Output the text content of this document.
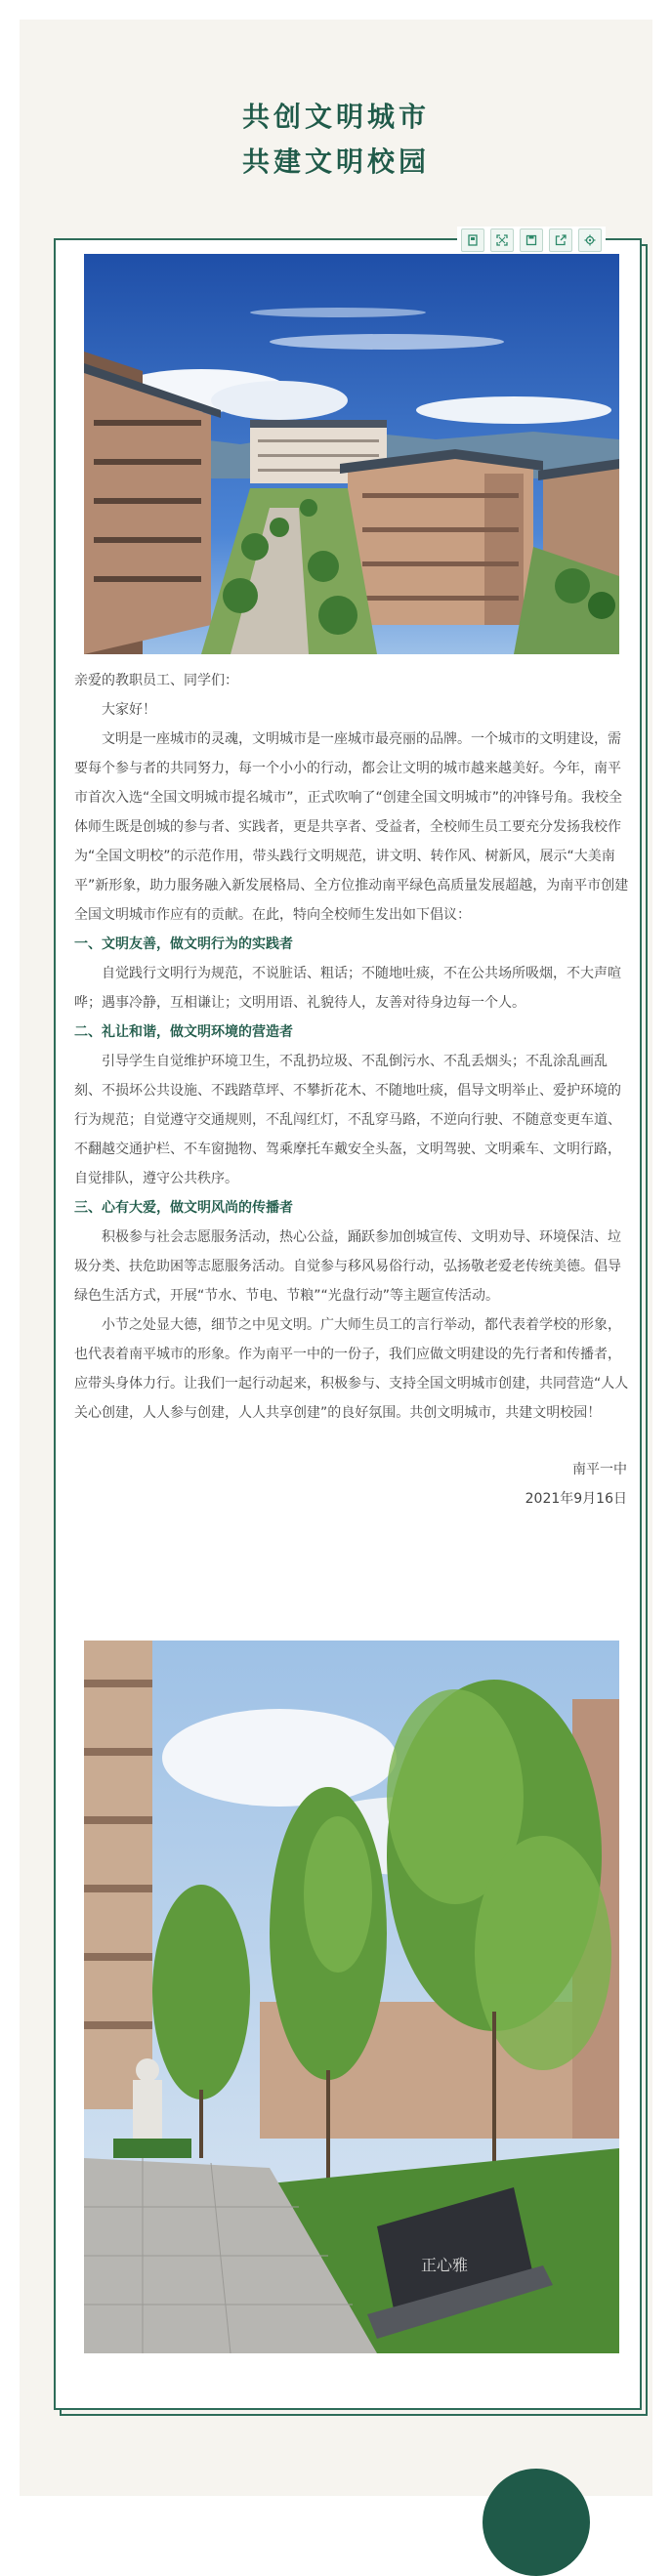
共创文明城市
共建文明校园

亲爱的教职员工、同学们：

大家好！

文明是一座城市的灵魂，文明城市是一座城市最亮丽的品牌。一个城市的文明建设，需要每个参与者的共同努力，每一个小小的行动，都会让文明的城市越来越美好。今年，南平市首次入选“全国文明城市提名城市”，正式吹响了“创建全国文明城市”的冲锋号角。我校全体师生既是创城的参与者、实践者，更是共享者、受益者，全校师生员工要充分发扬我校作为“全国文明校”的示范作用，带头践行文明规范，讲文明、转作风、树新风，展示“大美南平”新形象，助力服务融入新发展格局、全方位推动南平绿色高质量发展超越，为南平市创建全国文明城市作应有的贡献。在此，特向全校师生发出如下倡议：

一、文明友善，做文明行为的实践者

自觉践行文明行为规范，不说脏话、粗话；不随地吐痰，不在公共场所吸烟，不大声喧哗；遇事冷静，互相谦让；文明用语、礼貌待人，友善对待身边每一个人。

二、礼让和谐，做文明环境的营造者

引导学生自觉维护环境卫生，不乱扔垃圾、不乱倒污水、不乱丢烟头；不乱涂乱画乱刻、不损坏公共设施、不践踏草坪、不攀折花木、不随地吐痰，倡导文明举止、爱护环境的行为规范；自觉遵守交通规则，不乱闯红灯，不乱穿马路，不逆向行驶、不随意变更车道、不翻越交通护栏、不车窗抛物、驾乘摩托车戴安全头盔，文明驾驶、文明乘车、文明行路，自觉排队，遵守公共秩序。

三、心有大爱，做文明风尚的传播者

积极参与社会志愿服务活动，热心公益，踊跃参加创城宣传、文明劝导、环境保洁、垃圾分类、扶危助困等志愿服务活动。自觉参与移风易俗行动，弘扬敬老爱老传统美德。倡导绿色生活方式，开展“节水、节电、节粮”“光盘行动”等主题宣传活动。

小节之处显大德，细节之中见文明。广大师生员工的言行举动，都代表着学校的形象，也代表着南平城市的形象。作为南平一中的一份子，我们应做文明建设的先行者和传播者，应带头身体力行。让我们一起行动起来，积极参与、支持全国文明城市创建，共同营造“人人关心创建，人人参与创建，人人共享创建”的良好氛围。共创文明城市，共建文明校园！

南平一中

2021年9月16日

正心雅
